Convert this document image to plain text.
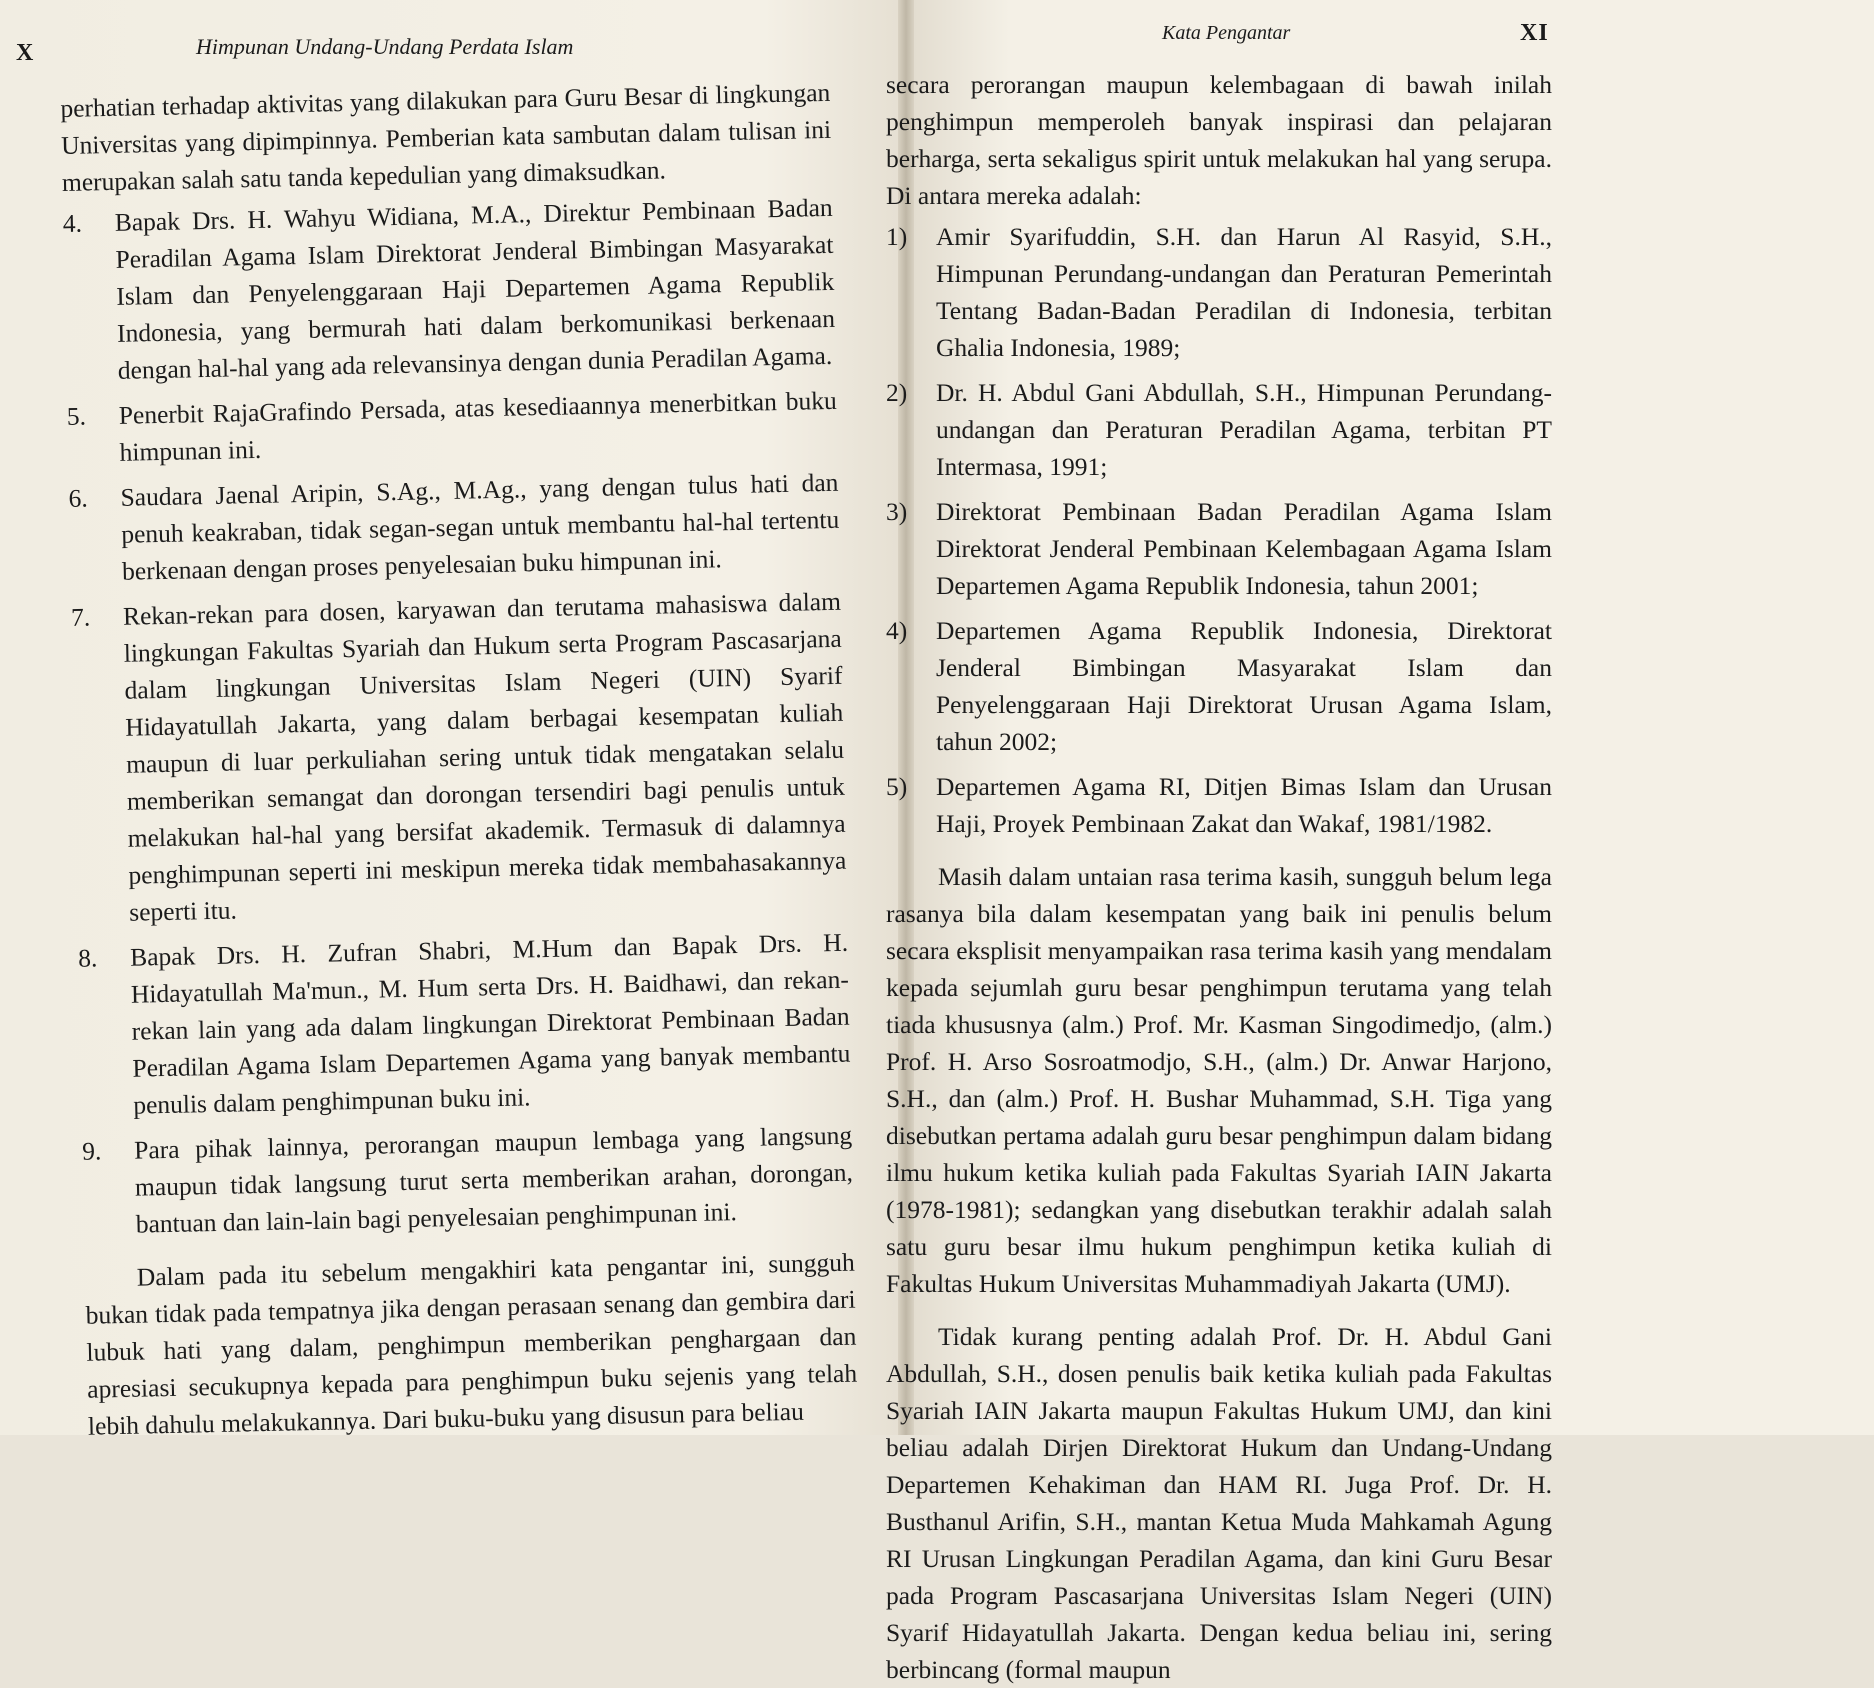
X	Himpunan Undang-Undang Perdata Islam

perhatian terhadap aktivitas yang dilakukan para Guru Besar di lingkungan Universitas yang dipimpinnya. Pemberian kata sambutan dalam tulisan ini merupakan salah satu tanda kepedulian yang dimaksudkan.

4.	Bapak Drs. H. Wahyu Widiana, M.A., Direktur Pembinaan Badan Peradilan Agama Islam Direktorat Jenderal Bimbingan Masyarakat Islam dan Penyelenggaraan Haji Departemen Agama Republik Indonesia, yang bermurah hati dalam berkomunikasi berkenaan dengan hal-hal yang ada relevansinya dengan dunia Peradilan Agama.
5.	Penerbit RajaGrafindo Persada, atas kesediaannya menerbitkan buku himpunan ini.
6.	Saudara Jaenal Aripin, S.Ag., M.Ag., yang dengan tulus hati dan penuh keakraban, tidak segan-segan untuk membantu hal-hal tertentu berkenaan dengan proses penyelesaian buku himpunan ini.
7.	Rekan-rekan para dosen, karyawan dan terutama mahasiswa dalam lingkungan Fakultas Syariah dan Hukum serta Program Pascasarjana dalam lingkungan Universitas Islam Negeri (UIN) Syarif Hidayatullah Jakarta, yang dalam berbagai kesempatan kuliah maupun di luar perkuliahan sering untuk tidak mengatakan selalu memberikan semangat dan dorongan tersendiri bagi penulis untuk melakukan hal-hal yang bersifat akademik. Termasuk di dalamnya penghimpunan seperti ini meskipun mereka tidak membahasakannya seperti itu.
8.	Bapak Drs. H. Zufran Shabri, M.Hum dan Bapak Drs. H. Hidayatullah Ma'mun., M. Hum serta Drs. H. Baidhawi, dan rekan-rekan lain yang ada dalam lingkungan Direktorat Pembinaan Badan Peradilan Agama Islam Departemen Agama yang banyak membantu penulis dalam penghimpunan buku ini.
9.	Para pihak lainnya, perorangan maupun lembaga yang langsung maupun tidak langsung turut serta memberikan arahan, dorongan, bantuan dan lain-lain bagi penyelesaian penghimpunan ini.

Dalam pada itu sebelum mengakhiri kata pengantar ini, sungguh bukan tidak pada tempatnya jika dengan perasaan senang dan gembira dari lubuk hati yang dalam, penghimpun memberikan penghargaan dan apresiasi secukupnya kepada para penghimpun buku sejenis yang telah lebih dahulu melakukannya. Dari buku-buku yang disusun para beliau

Kata Pengantar	XI

secara perorangan maupun kelembagaan di bawah inilah penghimpun memperoleh banyak inspirasi dan pelajaran berharga, serta sekaligus spirit untuk melakukan hal yang serupa. Di antara mereka adalah:

1)	Amir Syarifuddin, S.H. dan Harun Al Rasyid, S.H., Himpunan Perundang-undangan dan Peraturan Pemerintah Tentang Badan-Badan Peradilan di Indonesia, terbitan Ghalia Indonesia, 1989;
2)	Dr. H. Abdul Gani Abdullah, S.H., Himpunan Perundang-undangan dan Peraturan Peradilan Agama, terbitan PT Intermasa, 1991;
3)	Direktorat Pembinaan Badan Peradilan Agama Islam Direktorat Jenderal Pembinaan Kelembagaan Agama Islam Departemen Agama Republik Indonesia, tahun 2001;
4)	Departemen Agama Republik Indonesia, Direktorat Jenderal Bimbingan Masyarakat Islam dan Penyelenggaraan Haji Direktorat Urusan Agama Islam, tahun 2002;
5)	Departemen Agama RI, Ditjen Bimas Islam dan Urusan Haji, Proyek Pembinaan Zakat dan Wakaf, 1981/1982.

Masih dalam untaian rasa terima kasih, sungguh belum lega rasanya bila dalam kesempatan yang baik ini penulis belum secara eksplisit menyampaikan rasa terima kasih yang mendalam kepada sejumlah guru besar penghimpun terutama yang telah tiada khususnya (alm.) Prof. Mr. Kasman Singodimedjo, (alm.) Prof. H. Arso Sosroatmodjo, S.H., (alm.) Dr. Anwar Harjono, S.H., dan (alm.) Prof. H. Bushar Muhammad, S.H. Tiga yang disebutkan pertama adalah guru besar penghimpun dalam bidang ilmu hukum ketika kuliah pada Fakultas Syariah IAIN Jakarta (1978-1981); sedangkan yang disebutkan terakhir adalah salah satu guru besar ilmu hukum penghimpun ketika kuliah di Fakultas Hukum Universitas Muhammadiyah Jakarta (UMJ).

Tidak kurang penting adalah Prof. Dr. H. Abdul Gani Abdullah, S.H., dosen penulis baik ketika kuliah pada Fakultas Syariah IAIN Jakarta maupun Fakultas Hukum UMJ, dan kini beliau adalah Dirjen Direktorat Hukum dan Undang-Undang Departemen Kehakiman dan HAM RI. Juga Prof. Dr. H. Busthanul Arifin, S.H., mantan Ketua Muda Mahkamah Agung RI Urusan Lingkungan Peradilan Agama, dan kini Guru Besar pada Program Pascasarjana Universitas Islam Negeri (UIN) Syarif Hidayatullah Jakarta. Dengan kedua beliau ini, sering berbincang (formal maupun
